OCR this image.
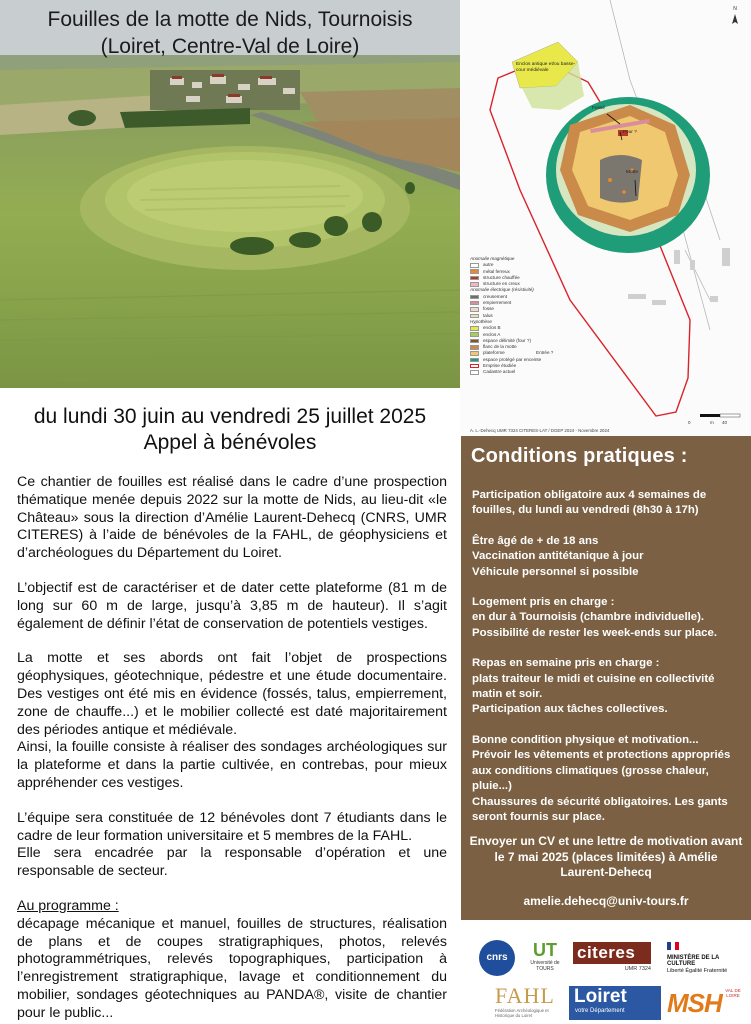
Fouilles de la motte de Nids, Tournoisis
(Loiret, Centre-Val de Loire)
N
Enclos antique et/ou basse-cour médiévale
Fossé
Four ?
Motte
Anomalie magnétique
autre
métal ferreux
structure chauffée
structure en creux
Anomalie électrique (résistivité)
creusement
empierrement
fosse
talus
Hypothèse
enclos B
enclos A
espace délimité (four ?)
flanc de la motte
plateforme
espace protégé par enceinte
Emprise étudiée
Cadastre actuel
Entrée ?
A. L.-Dehecq UMR 7324 CITERES-LAT / DGEP 2024 - Novembre 2024
m
0	40
du lundi 30 juin au vendredi 25 juillet 2025
Appel à bénévoles

Ce chantier de fouilles est réalisé dans le cadre d’une prospection thématique menée depuis 2022 sur la motte de Nids, au lieu-dit «le Château» sous la direction d’Amélie Laurent-Dehecq (CNRS, UMR CITERES) à l’aide de bénévoles de la FAHL, de géophysiciens et d’archéologues du Département du Loiret.

L’objectif est de caractériser et de dater cette plateforme (81 m de long sur 60 m de large, jusqu’à 3,85 m de hauteur). Il s’agit également de définir l’état de conservation de potentiels vestiges.

La motte et ses abords ont fait l’objet de prospections géophysiques, géotechnique, pédestre et une étude documentaire. Des vestiges ont été mis en évidence (fossés, talus, empierrement, zone de chauffe...) et le mobilier collecté est daté majoritairement des périodes antique et médiévale.

Ainsi, la fouille consiste à réaliser des sondages archéologiques sur la plateforme et dans la partie cultivée, en contrebas, pour mieux appréhender ces vestiges.

L’équipe sera constituée de 12 bénévoles dont 7 étudiants dans le cadre de leur formation universitaire et 5 membres de la FAHL.

Elle sera encadrée par la responsable d’opération et une responsable de secteur.

Au programme :

décapage mécanique et manuel, fouilles de structures, réalisation de plans et de coupes stratigraphiques, photos, relevés photogrammétriques, relevés topographiques, participation à l’enregistrement stratigraphique, lavage et conditionnement du mobilier, sondages géotechniques au PANDA®, visite de chantier pour le public...

Conditions pratiques :

Participation obligatoire aux 4 semaines de fouilles, du lundi au vendredi (8h30 à 17h)

Être âgé de + de 18 ans
Vaccination antitétanique à jour
Véhicule personnel si possible

Logement pris en charge :
en dur à Tournoisis (chambre individuelle).
Possibilité de rester les week-ends sur place.

Repas en semaine pris en charge :
plats traiteur le midi et cuisine en collectivité matin et soir.
Participation aux tâches collectives.

Bonne condition physique et motivation...
Prévoir les vêtements et protections appropriés aux conditions climatiques (grosse chaleur, pluie...)
Chaussures de sécurité obligatoires. Les gants seront fournis sur place.

Envoyer un CV et une lettre de motivation avant le 7 mai 2025 (places limitées) à Amélie Laurent-Dehecq
amelie.dehecq@univ-tours.fr
cnrs	UT
Université de TOURS
citeres
UMR 7324
MINISTÈRE DE LA CULTURE
Liberté Égalité Fraternité
FAHL
Fédération Archéologique et Historique du Loiret
Loiret
votre Département	MSH VAL DE LOIRE
